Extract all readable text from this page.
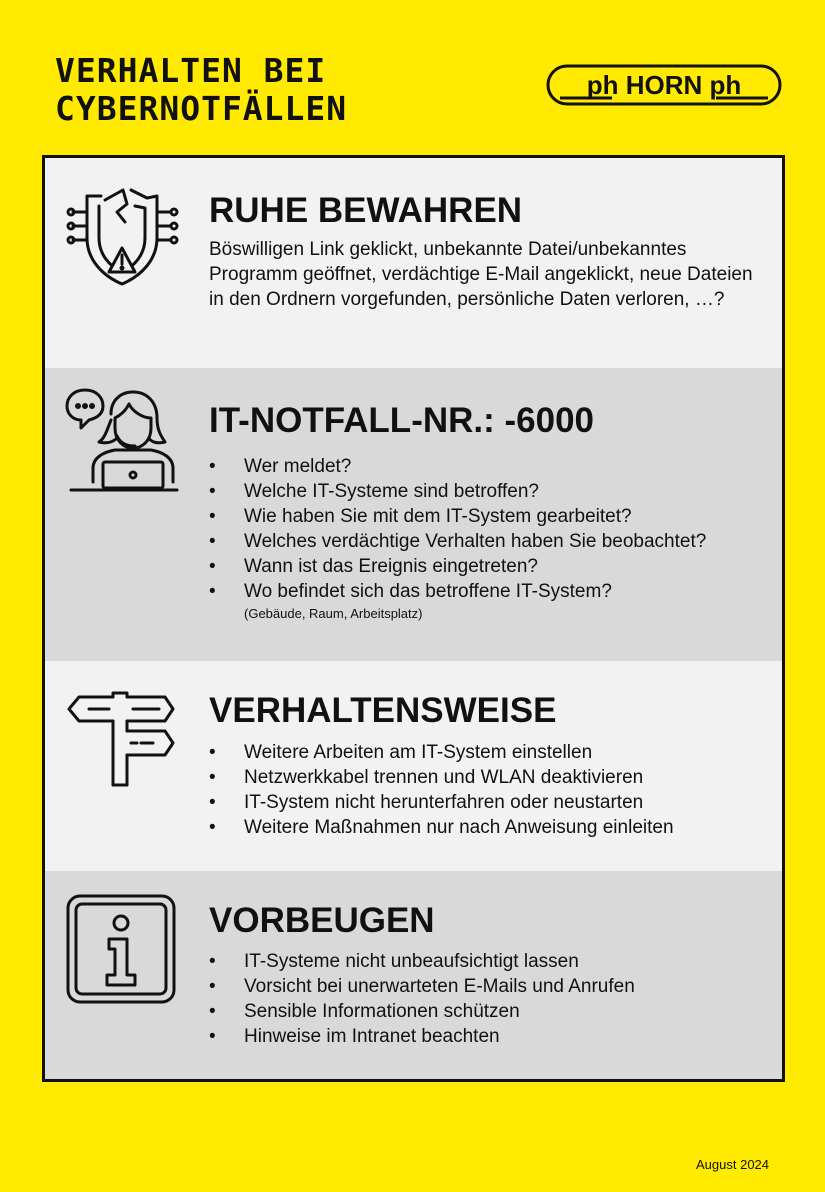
VERHALTEN BEI
CYBERNOTFÄLLEN
ph HORN ph
RUHE BEWAHREN

Böswilligen Link geklickt, unbekannte Datei/unbekanntes Programm geöffnet, verdächtige E-Mail angeklickt, neue Dateien in den Ordnern vorgefunden, persönliche Daten verloren, …?

IT-NOTFALL-NR.: -6000
• Wer meldet?
• Welche IT-Systeme sind betroffen?
• Wie haben Sie mit dem IT-System gearbeitet?
• Welches verdächtige Verhalten haben Sie beobachtet?
• Wann ist das Ereignis eingetreten?
• Wo befindet sich das betroffene IT-System?
(Gebäude, Raum, Arbeitsplatz)
VERHALTENSWEISE
• Weitere Arbeiten am IT-System einstellen
• Netzwerkkabel trennen und WLAN deaktivieren
• IT-System nicht herunterfahren oder neustarten
• Weitere Maßnahmen nur nach Anweisung einleiten
VORBEUGEN
• IT-Systeme nicht unbeaufsichtigt lassen
• Vorsicht bei unerwarteten E-Mails und Anrufen
• Sensible Informationen schützen
• Hinweise im Intranet beachten

August 2024
